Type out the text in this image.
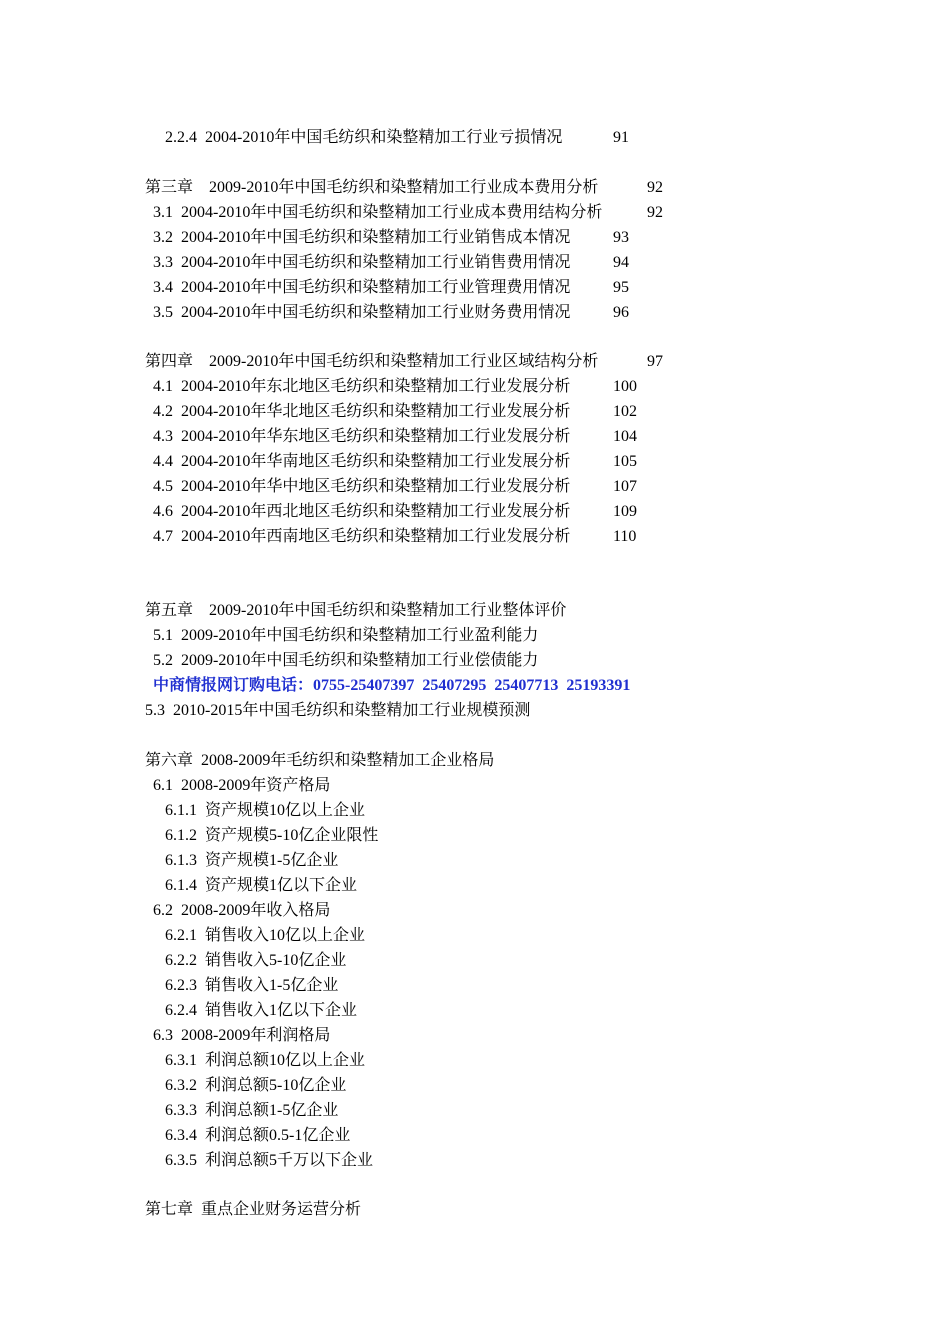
2.2.4  2004-2010年中国毛纺织和染整精加工行业亏损情况	91
第三章    2009-2010年中国毛纺织和染整精加工行业成本费用分析	92
3.1  2004-2010年中国毛纺织和染整精加工行业成本费用结构分析	92
3.2  2004-2010年中国毛纺织和染整精加工行业销售成本情况	93
3.3  2004-2010年中国毛纺织和染整精加工行业销售费用情况	94
3.4  2004-2010年中国毛纺织和染整精加工行业管理费用情况	95
3.5  2004-2010年中国毛纺织和染整精加工行业财务费用情况	96
第四章    2009-2010年中国毛纺织和染整精加工行业区域结构分析	97
4.1  2004-2010年东北地区毛纺织和染整精加工行业发展分析	100
4.2  2004-2010年华北地区毛纺织和染整精加工行业发展分析	102
4.3  2004-2010年华东地区毛纺织和染整精加工行业发展分析	104
4.4  2004-2010年华南地区毛纺织和染整精加工行业发展分析	105
4.5  2004-2010年华中地区毛纺织和染整精加工行业发展分析	107
4.6  2004-2010年西北地区毛纺织和染整精加工行业发展分析	109
4.7  2004-2010年西南地区毛纺织和染整精加工行业发展分析	110
第五章    2009-2010年中国毛纺织和染整精加工行业整体评价
5.1  2009-2010年中国毛纺织和染整精加工行业盈利能力
5.2  2009-2010年中国毛纺织和染整精加工行业偿债能力
中商情报网订购电话：0755-25407397  25407295  25407713  25193391
5.3  2010-2015年中国毛纺织和染整精加工行业规模预测
第六章  2008-2009年毛纺织和染整精加工企业格局
6.1  2008-2009年资产格局
6.1.1  资产规模10亿以上企业
6.1.2  资产规模5-10亿企业限性
6.1.3  资产规模1-5亿企业
6.1.4  资产规模1亿以下企业
6.2  2008-2009年收入格局
6.2.1  销售收入10亿以上企业
6.2.2  销售收入5-10亿企业
6.2.3  销售收入1-5亿企业
6.2.4  销售收入1亿以下企业
6.3  2008-2009年利润格局
6.3.1  利润总额10亿以上企业
6.3.2  利润总额5-10亿企业
6.3.3  利润总额1-5亿企业
6.3.4  利润总额0.5-1亿企业
6.3.5  利润总额5千万以下企业
第七章  重点企业财务运营分析
